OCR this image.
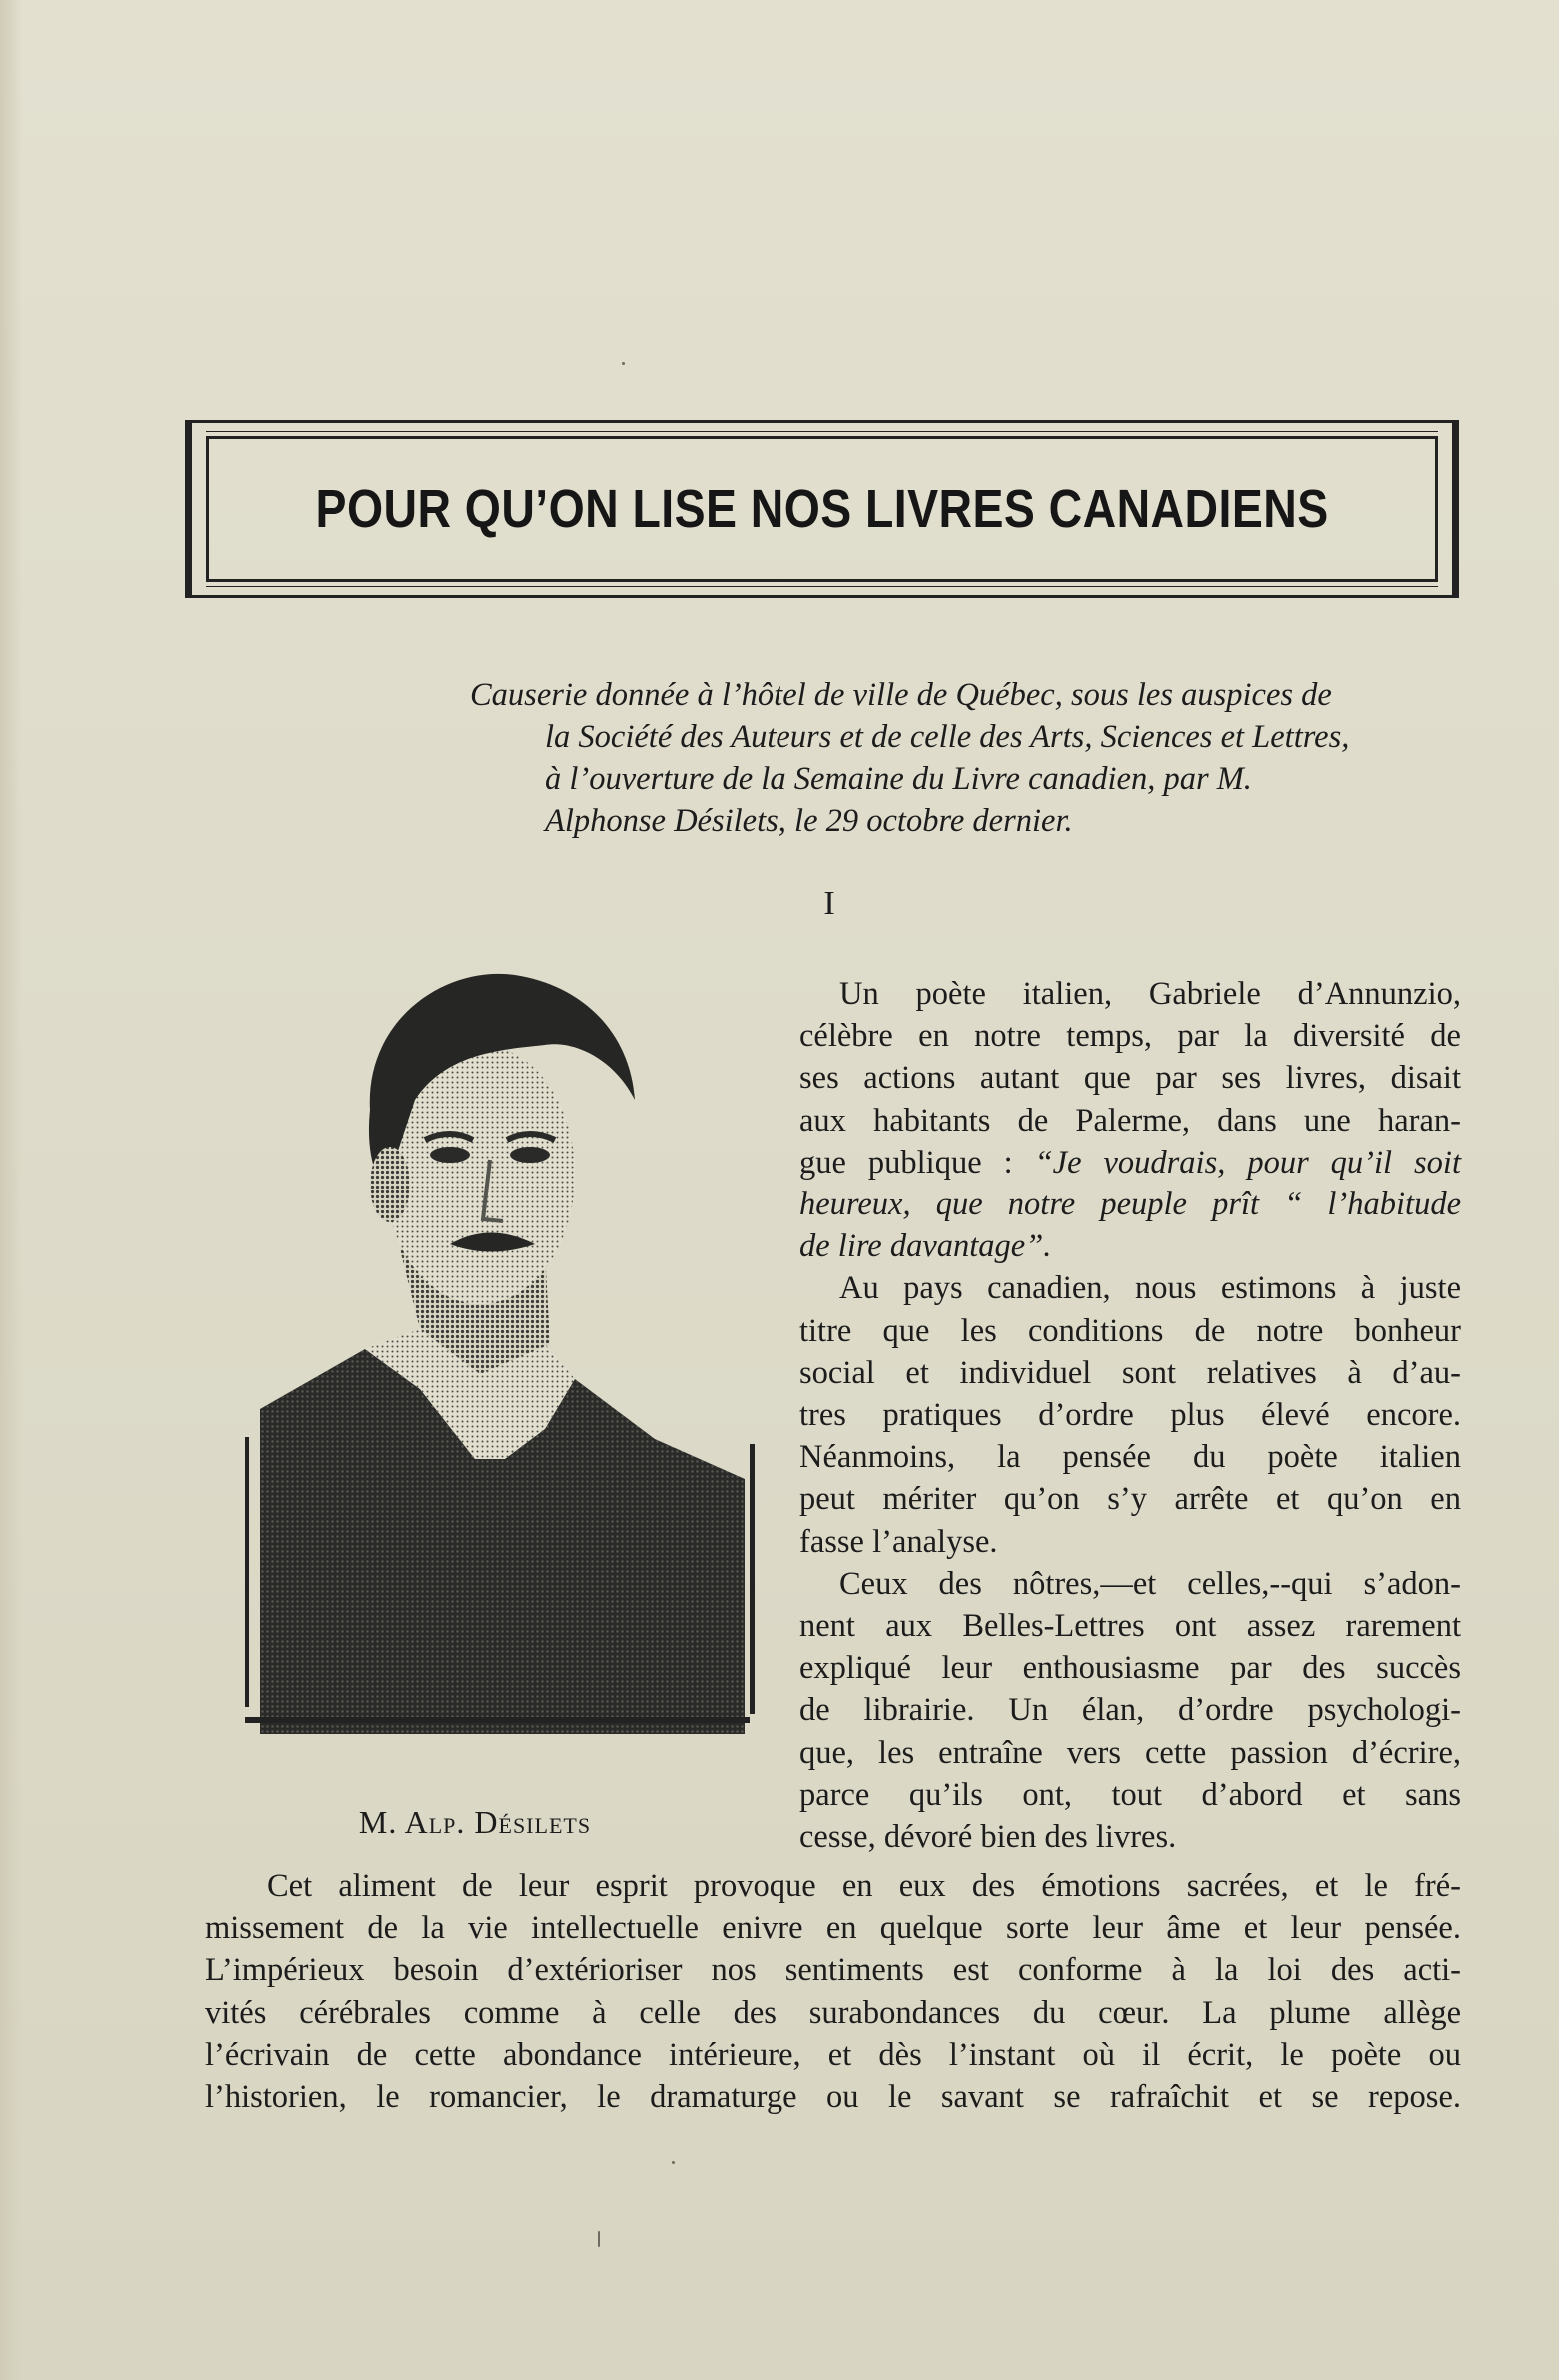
POUR QU’ON LISE NOS LIVRES CANADIENS
Causerie donnée à l’hôtel de ville de Québec, sous les auspices de
la Société des Auteurs et de celle des Arts, Sciences et Lettres,
à l’ouverture de la Semaine du Livre canadien, par M.
Alphonse Désilets, le 29 octobre dernier.
I
M. Alp. Désilets
Un poète italien, Gabriele d’Annunzio,
célèbre en notre temps, par la diversité de
ses actions autant que par ses livres, disait
aux habitants de Palerme, dans une haran-
gue publique : “Je voudrais, pour qu’il soit
heureux, que notre peuple prît “ l’habitude
de lire davantage”.
Au pays canadien, nous estimons à juste
titre que les conditions de notre bonheur
social et individuel sont relatives à d’au-
tres pratiques d’ordre plus élevé encore.
Néanmoins, la pensée du poète italien
peut mériter qu’on s’y arrête et qu’on en
fasse l’analyse.
Ceux des nôtres,—et celles,--qui s’adon-
nent aux Belles-Lettres ont assez rarement
expliqué leur enthousiasme par des succès
de librairie. Un élan, d’ordre psychologi-
que, les entraîne vers cette passion d’écrire,
parce qu’ils ont, tout d’abord et sans
cesse, dévoré bien des livres.
Cet aliment de leur esprit provoque en eux des émotions sacrées, et le fré-
missement de la vie intellectuelle enivre en quelque sorte leur âme et leur pensée.
L’impérieux besoin d’extérioriser nos sentiments est conforme à la loi des acti-
vités cérébrales comme à celle des surabondances du cœur. La plume allège
l’écrivain de cette abondance intérieure, et dès l’instant où il écrit, le poète ou
l’historien, le romancier, le dramaturge ou le savant se rafraîchit et se repose.
